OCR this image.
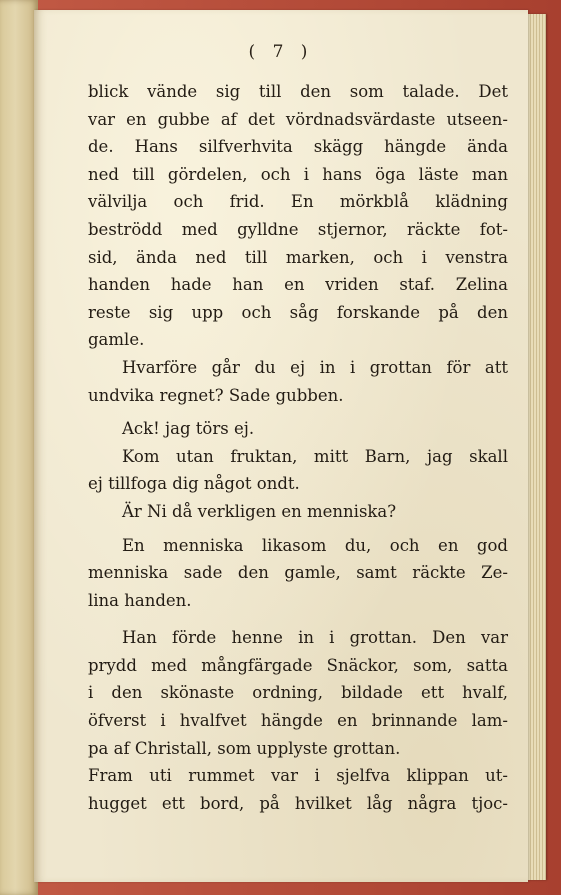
( 7 )
blick vände sig till den som talade. Det
var en gubbe af det vördnadsvärdaste utseen-
de. Hans silfverhvita skägg hängde ända
ned till gördelen, och i hans öga läste man
välvilja och frid. En mörkblå klädning
beströdd med gylldne stjernor, räckte fot-
sid, ända ned till marken, och i venstra
handen hade han en vriden staf. Zelina
reste sig upp och såg forskande på den
gamle.
Hvarföre går du ej in i grottan för att
undvika regnet? Sade gubben.
Ack! jag törs ej.
Kom utan fruktan, mitt Barn, jag skall
ej tillfoga dig något ondt.
Är Ni då verkligen en menniska?
En menniska likasom du, och en god
menniska sade den gamle, samt räckte Ze-
lina handen.
Han förde henne in i grottan. Den var
prydd med mångfärgade Snäckor, som, satta
i den skönaste ordning, bildade ett hvalf,
öfverst i hvalfvet hängde en brinnande lam-
pa af Christall, som upplyste grottan.
Fram uti rummet var i sjelfva klippan ut-
hugget ett bord, på hvilket låg några tjoc-
